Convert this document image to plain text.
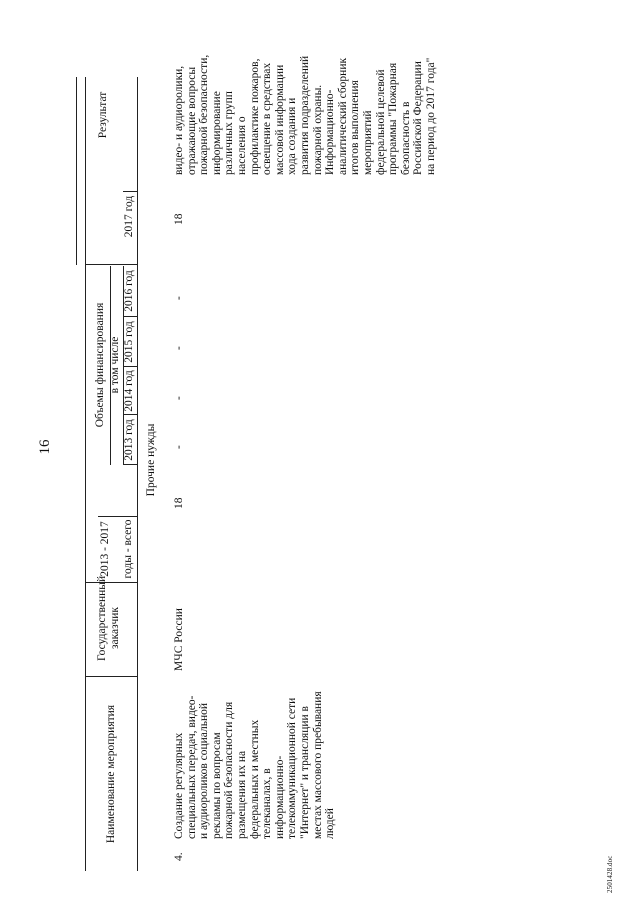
16
Наименование мероприятия
Государственный заказчик
2013 - 2017 годы - всего
Объемы финансирования в том числе
2013 год
2014 год
2015 год
2016 год
2017 год
Результат
Прочие нужды
4.
Создание регулярных
специальных передач, видео-
и аудиороликов социальной
рекламы по вопросам
пожарной безопасности для
размещения их на
федеральных и местных
телеканалах, в
информационно-
телекоммуникационной сети
"Интернет" и трансляции в
местах массового пребывания
людей
МЧС России
18
-
-
-
-
18
видео- и аудиоролики,
отражающие вопросы
пожарной безопасности,
информирование
различных групп
населения о
профилактике пожаров,
освещение в средствах
массовой информации
хода создания и
развития подразделений
пожарной охраны.
Информационно-
аналитический сборник
итогов выполнения
мероприятий
федеральной целевой
программы "Пожарная
безопасность в
Российской Федерации
на период до 2017 года"
2501428.doc
